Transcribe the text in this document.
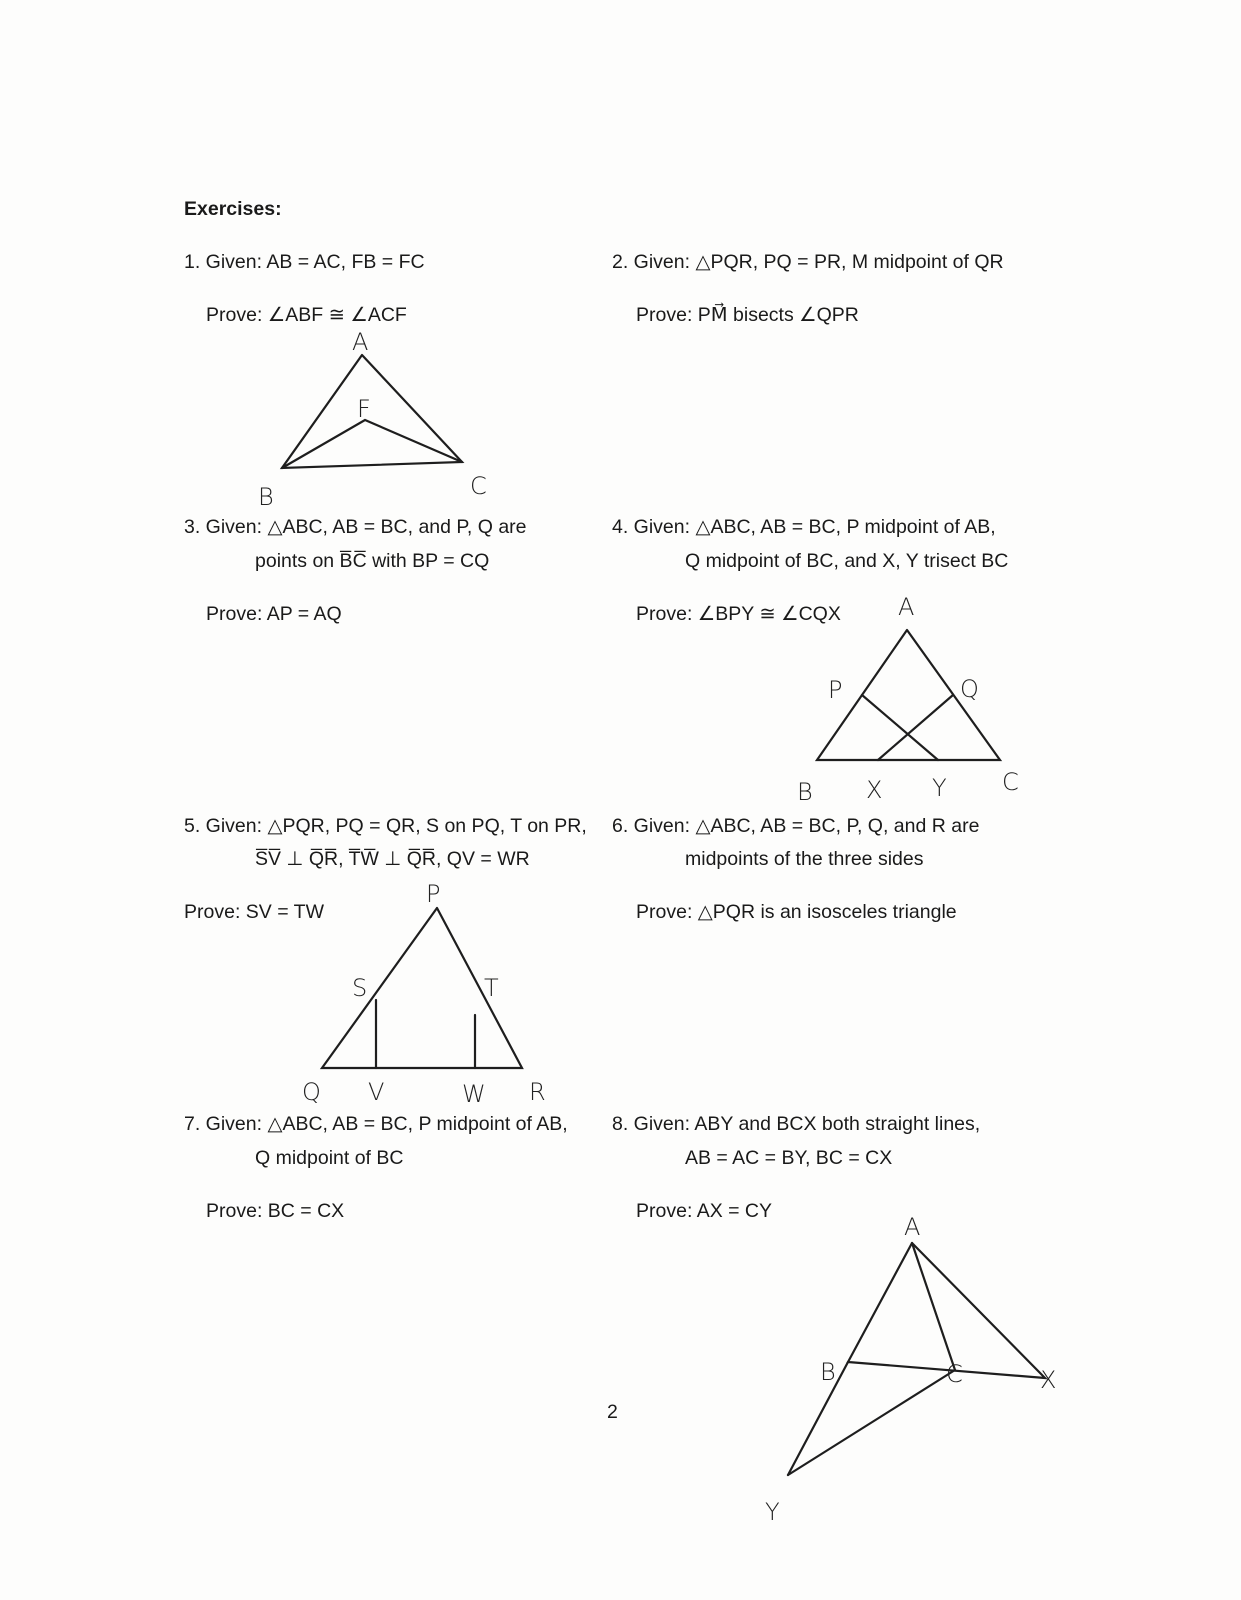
Exercises:
1. Given: AB = AC, FB = FC
Prove: ∠ABF ≅ ∠ACF
2. Given: △PQR, PQ = PR, M midpoint of QR
Prove: PM⃗ bisects ∠QPR
3. Given: △ABC, AB = BC, and P, Q are
points on B̅C̅ with BP = CQ
Prove: AP = AQ
4. Given: △ABC, AB = BC, P midpoint of AB,
Q midpoint of BC, and X, Y trisect BC
Prove: ∠BPY ≅ ∠CQX
5. Given: △PQR, PQ = QR, S on PQ, T on PR,
S̅V̅ ⊥ Q̅R̅, T̅W̅ ⊥ Q̅R̅, QV = WR
Prove: SV = TW
6. Given: △ABC, AB = BC, P, Q, and R are
midpoints of the three sides
Prove: △PQR is an isosceles triangle
7. Given: △ABC, AB = BC, P midpoint of AB,
Q midpoint of BC
Prove: BC = CX
8. Given: ABY and BCX both straight lines,
AB = AC = BY, BC = CX
Prove: AX = CY
2
A
F
B	C
A
P	Q
B X Y C
P
S	T
Q V	W R
A
B	C	X
Y
